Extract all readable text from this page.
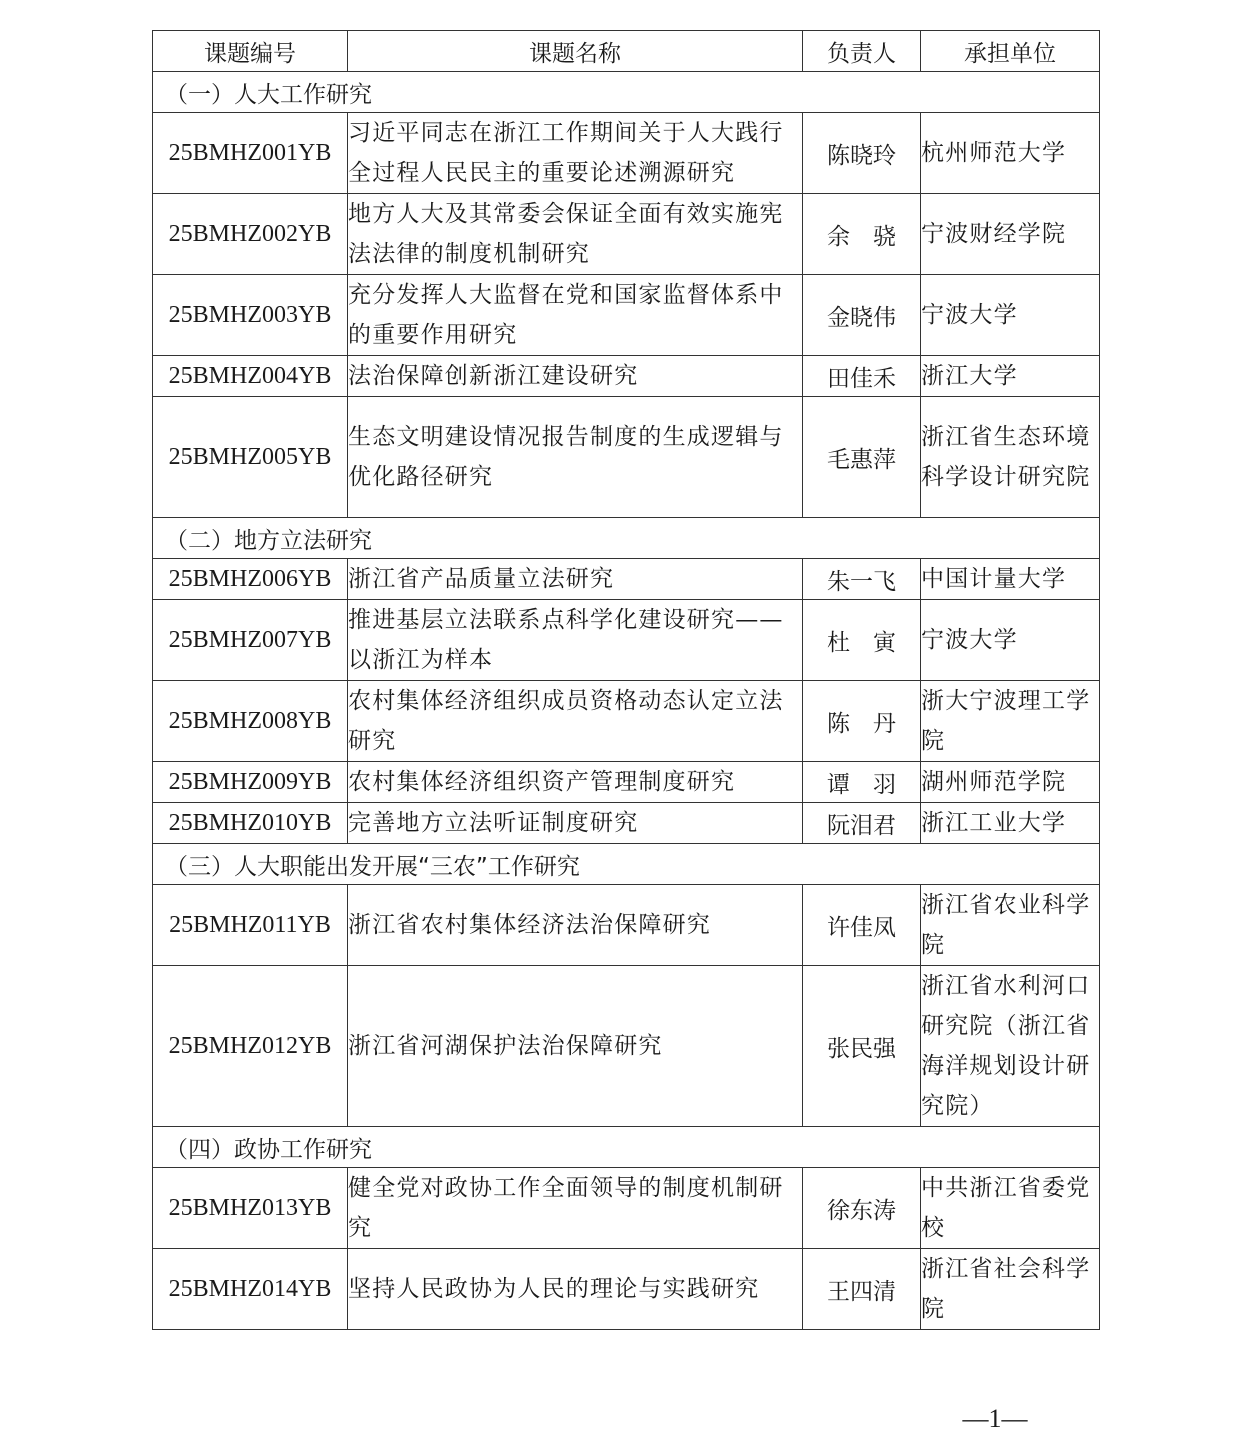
课题编号	课题名称	负责人	承担单位
（一）人大工作研究			
25BMHZ001YB	习近平同志在浙江工作期间关于人大践行全过程人民民主的重要论述溯源研究	陈晓玲	杭州师范大学
25BMHZ002YB	地方人大及其常委会保证全面有效实施宪法法律的制度机制研究	余　骁	宁波财经学院
25BMHZ003YB	充分发挥人大监督在党和国家监督体系中的重要作用研究	金晓伟	宁波大学
25BMHZ004YB	法治保障创新浙江建设研究	田佳禾	浙江大学
25BMHZ005YB	生态文明建设情况报告制度的生成逻辑与优化路径研究	毛惠萍	浙江省生态环境科学设计研究院
（二）地方立法研究			
25BMHZ006YB	浙江省产品质量立法研究	朱一飞	中国计量大学
25BMHZ007YB	推进基层立法联系点科学化建设研究——以浙江为样本	杜　寅	宁波大学
25BMHZ008YB	农村集体经济组织成员资格动态认定立法研究	陈　丹	浙大宁波理工学院
25BMHZ009YB	农村集体经济组织资产管理制度研究	谭　羽	湖州师范学院
25BMHZ010YB	完善地方立法听证制度研究	阮泪君	浙江工业大学
（三）人大职能出发开展“三农”工作研究			
25BMHZ011YB	浙江省农村集体经济法治保障研究	许佳凤	浙江省农业科学院
25BMHZ012YB	浙江省河湖保护法治保障研究	张民强	浙江省水利河口研究院（浙江省海洋规划设计研究院）
（四）政协工作研究			
25BMHZ013YB	健全党对政协工作全面领导的制度机制研究	徐东涛	中共浙江省委党校
25BMHZ014YB	坚持人民政协为人民的理论与实践研究	王四清	浙江省社会科学院
—1—
